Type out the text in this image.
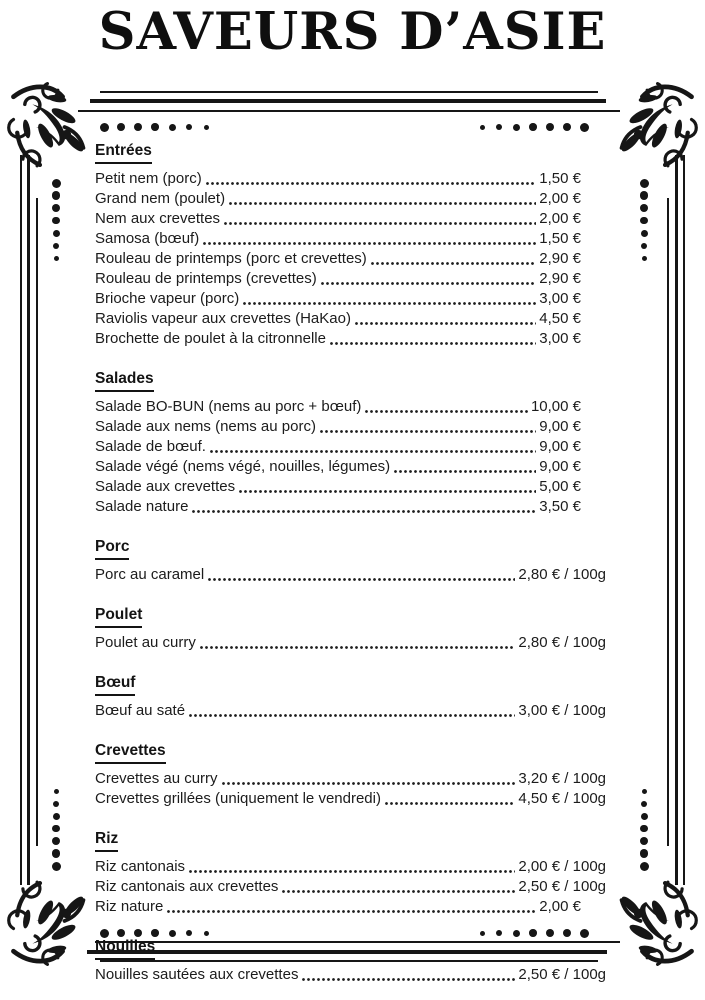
SAVEURS D’ASIE
Entrées
Petit nem (porc)	1,50 €
Grand nem (poulet)	2,00 €
Nem aux crevettes	2,00 €
Samosa (bœuf)	1,50 €
Rouleau de printemps (porc et crevettes)	2,90 €
Rouleau de printemps (crevettes)	2,90 €
Brioche vapeur (porc)	3,00 €
Raviolis vapeur aux crevettes (HaKao)	4,50 €
Brochette de poulet à la citronnelle	3,00 €
Salades
Salade BO-BUN (nems au porc + bœuf)	10,00 €
Salade aux nems (nems au porc)	9,00 €
Salade de bœuf.	9,00 €
Salade végé (nems végé, nouilles, légumes)	9,00 €
Salade aux crevettes	5,00 €
Salade nature	3,50 €
Porc
Porc au caramel	2,80 € / 100g
Poulet
Poulet au curry	2,80 € / 100g
Bœuf
Bœuf au saté	3,00 € / 100g
Crevettes
Crevettes au curry	3,20 € / 100g
Crevettes grillées (uniquement le vendredi)	4,50 € / 100g
Riz
Riz cantonais	2,00 € / 100g
Riz cantonais aux crevettes	2,50 € / 100g
Riz nature	2,00 €
Nouilles
Nouilles sautées aux crevettes	2,50 € / 100g
